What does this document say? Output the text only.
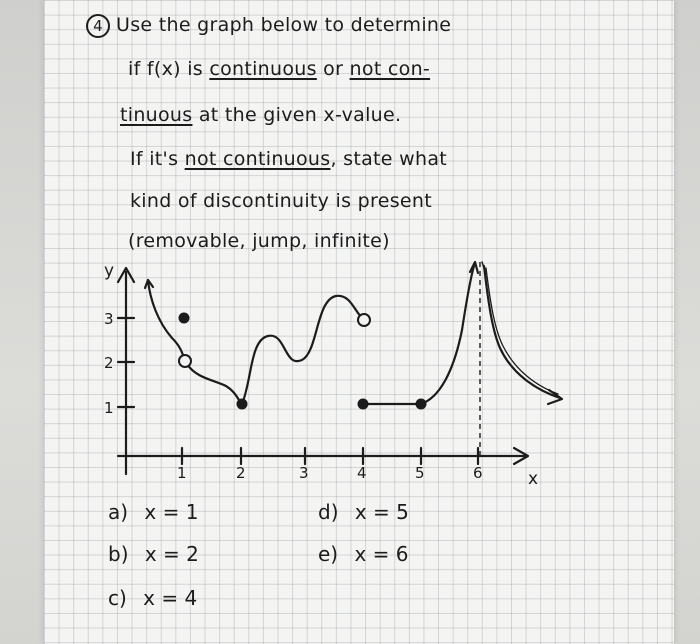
4 Use the graph below to determine
if f(x) is continuous or not con-
tinuous at the given x-value.
If it's not continuous, state what
kind of discontinuity is present
(removable, jump, infinite)
y
x
3
2
1
1	2	3	4	5	6
a) x = 1	d) x = 5
b) x = 2	e) x = 6
c) x = 4
